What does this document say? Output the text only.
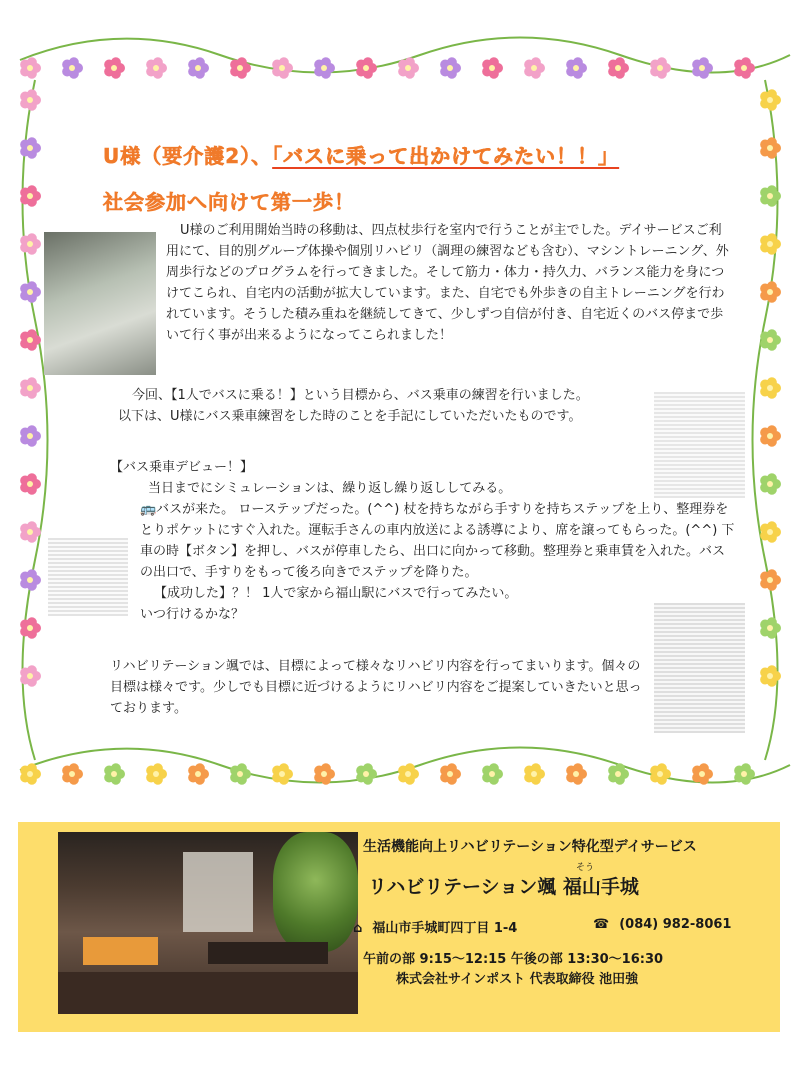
U様（要介護2）、「バスに乗って出かけてみたい！！」
社会参加へ向けて第一歩！
U様のご利用開始当時の移動は、四点杖歩行を室内で行うことが主でした。デイサービスご利用にて、目的別グループ体操や個別リハビリ（調理の練習なども含む）、マシントレーニング、外周歩行などのプログラムを行ってきました。そして筋力・体力・持久力、バランス能力を身につけてこられ、自宅内の活動が拡大しています。また、自宅でも外歩きの自主トレーニングを行われています。そうした積み重ねを継続してきて、少しずつ自信が付き、自宅近くのバス停まで歩いて行く事が出来るようになってこられました！
今回、【1人でバスに乗る！】という目標から、バス乗車の練習を行いました。
以下は、U様にバス乗車練習をした時のことを手記にしていただいたものです。
【バス乗車デビュー！】
当日までにシミュレーションは、繰り返し繰り返ししてみる。
🚌バスが来た。 ローステップだった。(^^) 杖を持ちながら手すりを持ちステップを上り、整理券をとりポケットにすぐ入れた。運転手さんの車内放送による誘導により、席を譲ってもらった。(^^) 下車の時【ボタン】を押し、バスが停車したら、出口に向かって移動。整理券と乗車賃を入れた。バスの出口で、手すりをもって後ろ向きでステップを降りた。
【成功した】？！ 1人で家から福山駅にバスで行ってみたい。
いつ行けるかな？
リハビリテーション颯では、目標によって様々なリハビリ内容を行ってまいります。個々の目標は様々です。少しでも目標に近づけるようにリハビリ内容をご提案していきたいと思っております。
生活機能向上リハビリテーション特化型デイサービス
そう
リハビリテーション颯 福山手城
⌂ 福山市手城町四丁目 1-4	☎ (084) 982-8061
午前の部 9:15～12:15 午後の部 13:30～16:30
株式会社サインポスト 代表取締役 池田強
